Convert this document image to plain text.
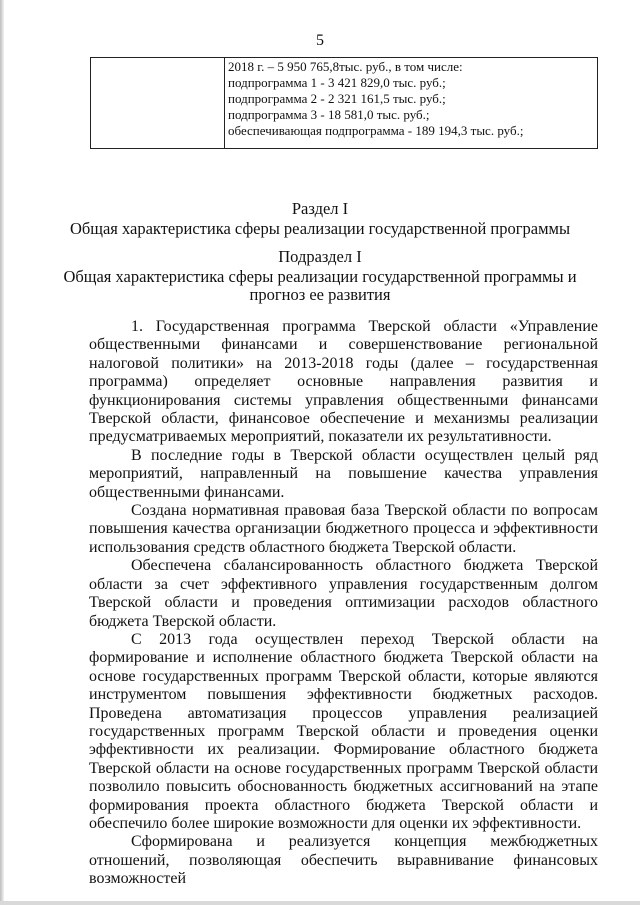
5

2018 г. – 5 950 765,8тыс. руб., в том числе:
подпрограмма 1 - 3 421 829,0 тыс. руб.;
подпрограмма 2 - 2 321 161,5 тыс. руб.;
подпрограмма 3 - 18 581,0 тыс. руб.;
обеспечивающая подпрограмма - 189 194,3 тыс. руб.;
Раздел I
Общая характеристика сферы реализации государственной программы
Подраздел I
Общая характеристика сферы реализации государственной программы и
прогноз ее развития

1. Государственная программа Тверской области «Управление общественными финансами и совершенствование региональной налоговой политики» на 2013-2018 годы (далее – государственная программа) определяет основные направления развития и функционирования системы управления общественными финансами Тверской области, финансовое обеспечение и механизмы реализации предусматриваемых мероприятий, показатели их результативности.

В последние годы в Тверской области осуществлен целый ряд мероприятий, направленный на повышение качества управления общественными финансами.

Создана нормативная правовая база Тверской области по вопросам повышения качества организации бюджетного процесса и эффективности использования средств областного бюджета Тверской области.

Обеспечена сбалансированность областного бюджета Тверской области за счет эффективного управления государственным долгом Тверской области и проведения оптимизации расходов областного бюджета Тверской области.

С 2013 года осуществлен переход Тверской области на формирование и исполнение областного бюджета Тверской области на основе государственных программ Тверской области, которые являются инструментом повышения эффективности бюджетных расходов. Проведена автоматизация процессов управления реализацией государственных программ Тверской области и проведения оценки эффективности их реализации. Формирование областного бюджета Тверской области на основе государственных программ Тверской области позволило повысить обоснованность бюджетных ассигнований на этапе формирования проекта областного бюджета Тверской области и обеспечило более широкие возможности для оценки их эффективности.

Сформирована и реализуется концепция межбюджетных отношений, позволяющая обеспечить выравнивание финансовых возможностей
